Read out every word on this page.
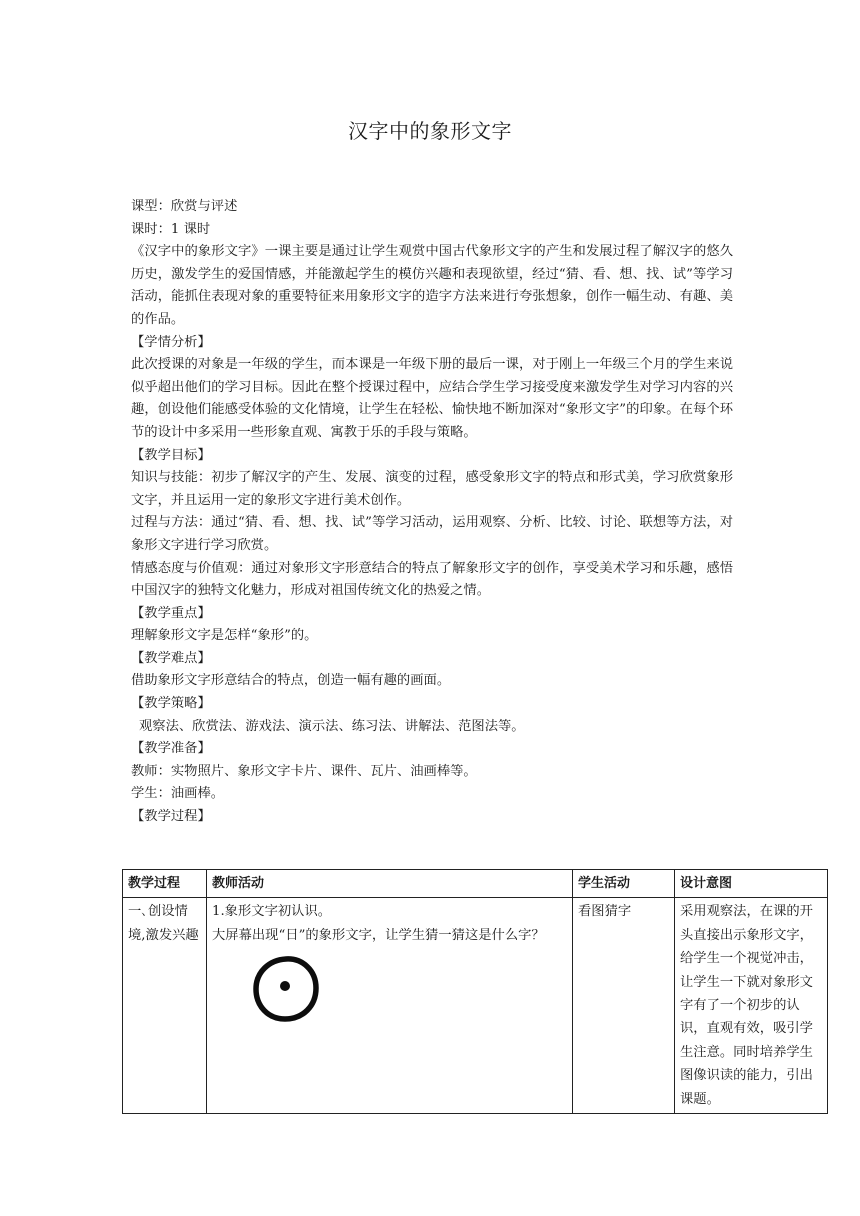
汉字中的象形文字

课型：欣赏与评述

课时：1 课时

《汉字中的象形文字》一课主要是通过让学生观赏中国古代象形文字的产生和发展过程了解汉字的悠久历史，激发学生的爱国情感，并能激起学生的模仿兴趣和表现欲望，经过“猜、看、想、找、试”等学习活动，能抓住表现对象的重要特征来用象形文字的造字方法来进行夸张想象，创作一幅生动、有趣、美的作品。

【学情分析】

此次授课的对象是一年级的学生，而本课是一年级下册的最后一课，对于刚上一年级三个月的学生来说似乎超出他们的学习目标。因此在整个授课过程中，应结合学生学习接受度来激发学生对学习内容的兴趣，创设他们能感受体验的文化情境，让学生在轻松、愉快地不断加深对“象形文字”的印象。在每个环节的设计中多采用一些形象直观、寓教于乐的手段与策略。

【教学目标】

知识与技能：初步了解汉字的产生、发展、演变的过程，感受象形文字的特点和形式美，学习欣赏象形文字，并且运用一定的象形文字进行美术创作。

过程与方法：通过“猜、看、想、找、试”等学习活动，运用观察、分析、比较、讨论、联想等方法，对象形文字进行学习欣赏。

情感态度与价值观：通过对象形文字形意结合的特点了解象形文字的创作，享受美术学习和乐趣，感悟中国汉字的独特文化魅力，形成对祖国传统文化的热爱之情。

【教学重点】

理解象形文字是怎样“象形”的。

【教学难点】

借助象形文字形意结合的特点，创造一幅有趣的画面。

【教学策略】

观察法、欣赏法、游戏法、演示法、练习法、讲解法、范图法等。

【教学准备】

教师：实物照片、象形文字卡片、课件、瓦片、油画棒等。

学生：油画棒。

【教学过程】

教学过程	教师活动	学生活动	设计意图
一､创设情境,激发兴趣	1.象形文字初认识。
大屏幕出现“日”的象形文字，让学生猜一猜这是什么字？	看图猜字	采用观察法，在课的开头直接出示象形文字，给学生一个视觉冲击，让学生一下就对象形文字有了一个初步的认识，直观有效，吸引学生注意。同时培养学生图像识读的能力，引出课题。
